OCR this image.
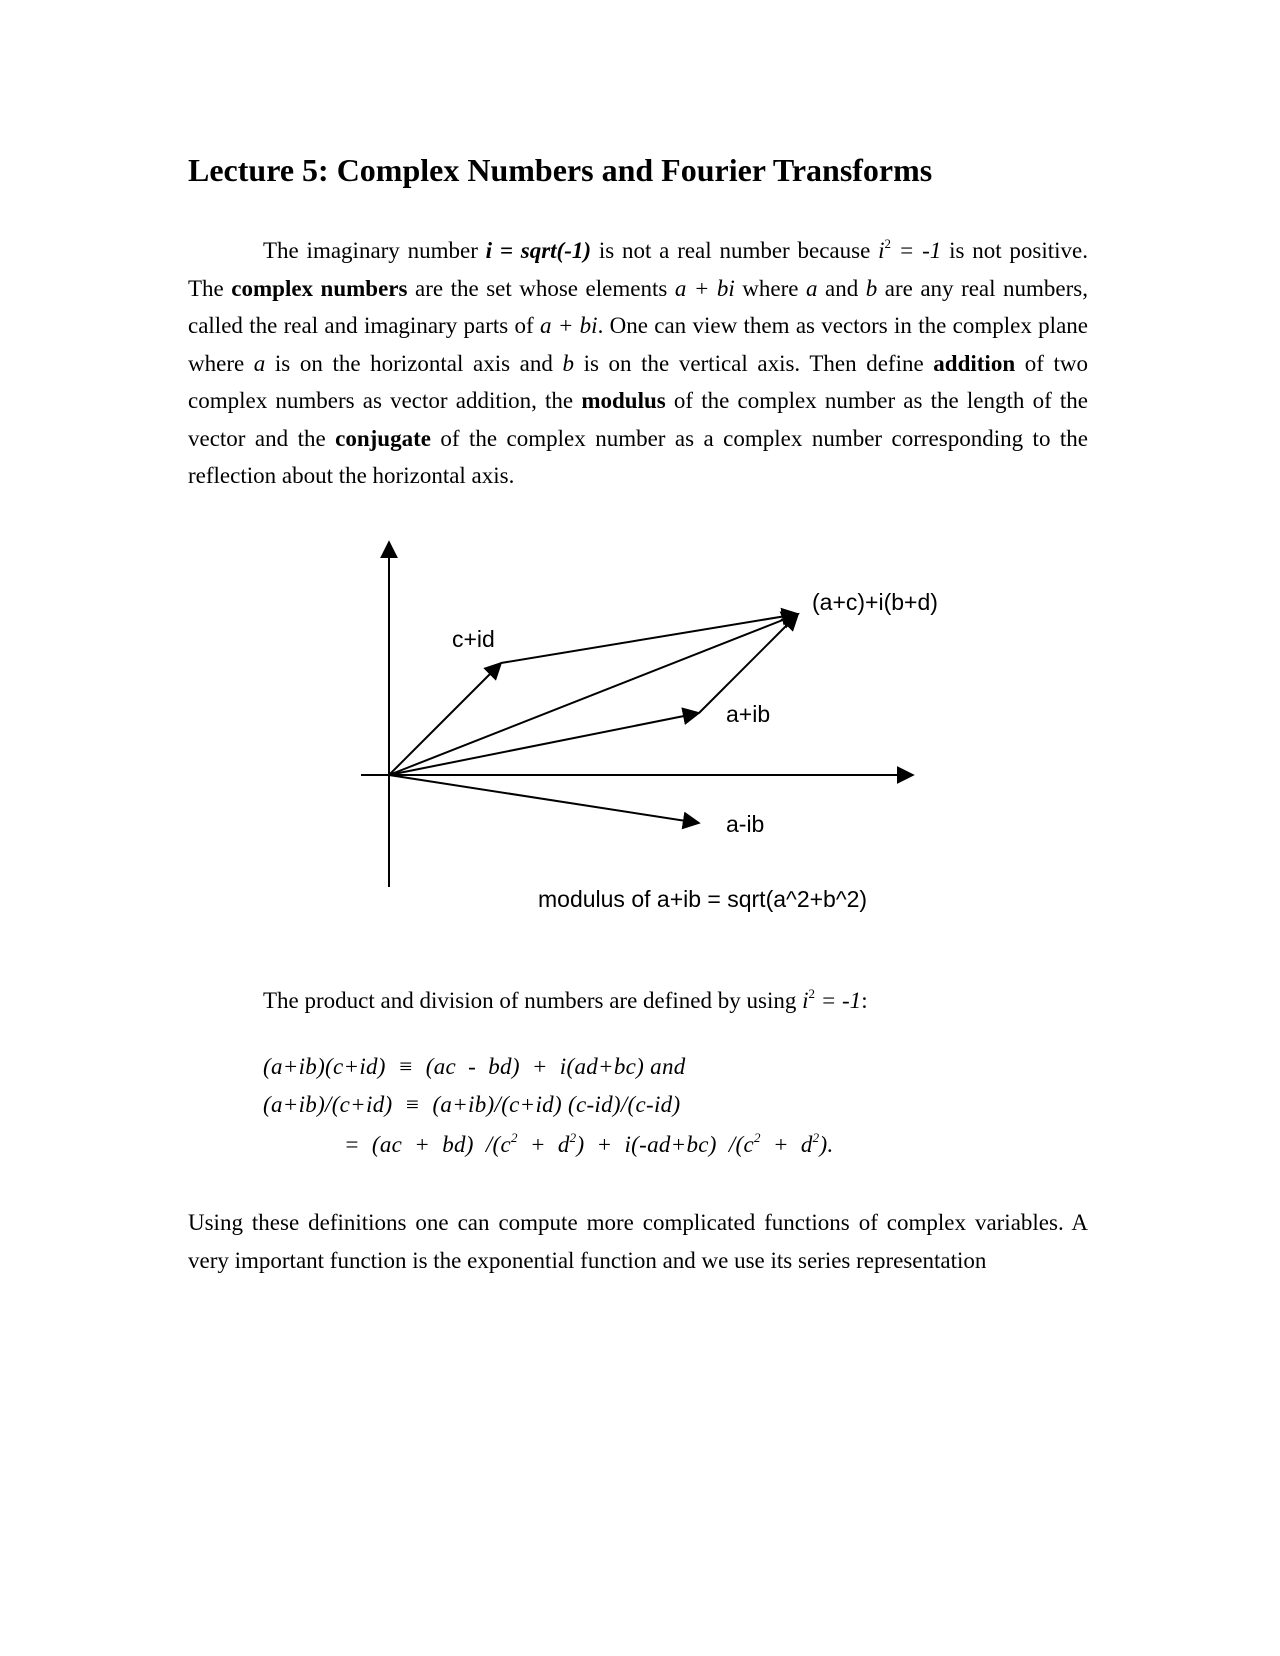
Lecture 5: Complex Numbers and Fourier Transforms

The imaginary number i = sqrt(-1) is not a real number because $i^2 = -1$ is not positive. The complex numbers are the set whose elements a + bi where a and b are any real numbers, called the real and imaginary parts of a + bi. One can view them as vectors in the complex plane where a is on the horizontal axis and b is on the vertical axis. Then define addition of two complex numbers as vector addition, the modulus of the complex number as the length of the vector and the conjugate of the complex number as a complex number corresponding to the reflection about the horizontal axis.

c+id
(a+c)+i(b+d)
a+ib
a-ib
modulus of a+ib = sqrt(a^2+b^2)

The product and division of numbers are defined by using $i^2 = -1$:

(a+ib)(c+id)  ≡  (ac  -  bd)  +  i(ad+bc) and
(a+ib)/(c+id)  ≡  (a+ib)/(c+id) (c-id)/(c-id)
=  (ac  +  bd)  $/(c^2 + d^2) + i(-ad+bc) /(c^2 + d^2)$.

Using these definitions one can compute more complicated functions of complex variables. A very important function is the exponential function and we use its series representation
